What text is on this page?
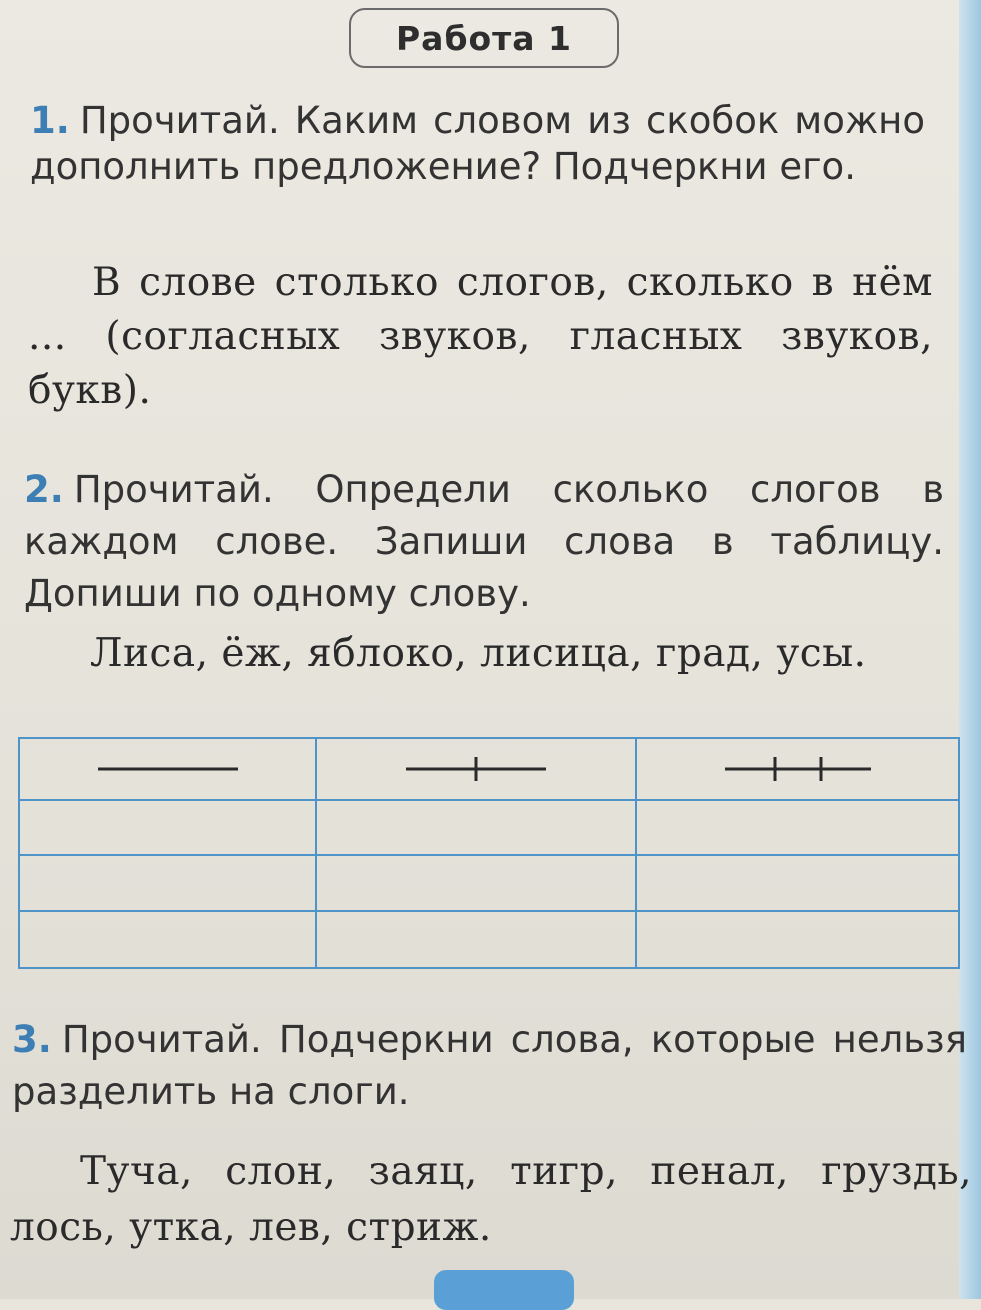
Работа 1

1. Прочитай. Каким словом из скобок можно дополнить предложение? Подчеркни его.

В слове столько слогов, сколько в нём ... (согласных звуков, гласных звуков, букв).

2. Прочитай. Определи сколько слогов в каждом слове. Запиши слова в таблицу. Допиши по одному слову.

Лиса, ёж, яблоко, лисица, град, усы.

3. Прочитай. Подчеркни слова, которые нельзя разделить на слоги.

Туча, слон, заяц, тигр, пенал, груздь, лось, утка, лев, стриж.
